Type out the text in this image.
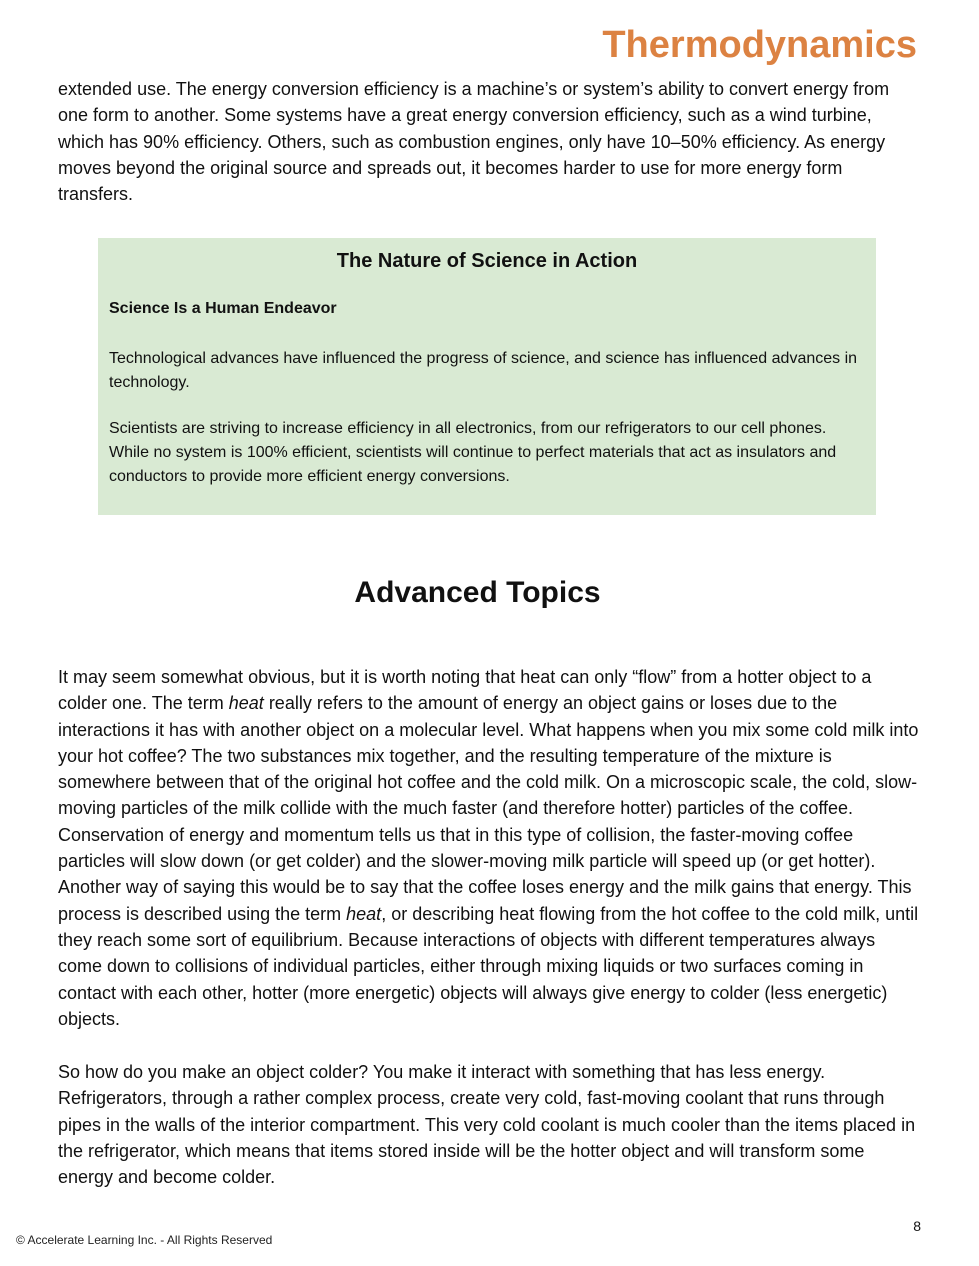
Thermodynamics

extended use. The energy conversion efficiency is a machine’s or system’s ability to convert energy from one form to another. Some systems have a great energy conversion efficiency, such as a wind turbine, which has 90% efficiency. Others, such as combustion engines, only have 10–50% efficiency. As energy moves beyond the original source and spreads out, it becomes harder to use for more energy form transfers.

The Nature of Science in Action
Science Is a Human Endeavor

Technological advances have influenced the progress of science, and science has influenced advances in technology.

Scientists are striving to increase efficiency in all electronics, from our refrigerators to our cell phones. While no system is 100% efficient, scientists will continue to perfect materials that act as insulators and conductors to provide more efficient energy conversions.

Advanced Topics

It may seem somewhat obvious, but it is worth noting that heat can only “flow” from a hotter object to a colder one. The term heat really refers to the amount of energy an object gains or loses due to the interactions it has with another object on a molecular level. What happens when you mix some cold milk into your hot coffee? The two substances mix together, and the resulting temperature of the mixture is somewhere between that of the original hot coffee and the cold milk. On a microscopic scale, the cold, slow-moving particles of the milk collide with the much faster (and therefore hotter) particles of the coffee. Conservation of energy and momentum tells us that in this type of collision, the faster-moving coffee particles will slow down (or get colder) and the slower-moving milk particle will speed up (or get hotter). Another way of saying this would be to say that the coffee loses energy and the milk gains that energy. This process is described using the term heat, or describing heat flowing from the hot coffee to the cold milk, until they reach some sort of equilibrium. Because interactions of objects with different temperatures always come down to collisions of individual particles, either through mixing liquids or two surfaces coming in contact with each other, hotter (more energetic) objects will always give energy to colder (less energetic) objects.

So how do you make an object colder? You make it interact with something that has less energy. Refrigerators, through a rather complex process, create very cold, fast-moving coolant that runs through pipes in the walls of the interior compartment. This very cold coolant is much cooler than the items placed in the refrigerator, which means that items stored inside will be the hotter object and will transform some energy and become colder.

8
© Accelerate Learning Inc. - All Rights Reserved
